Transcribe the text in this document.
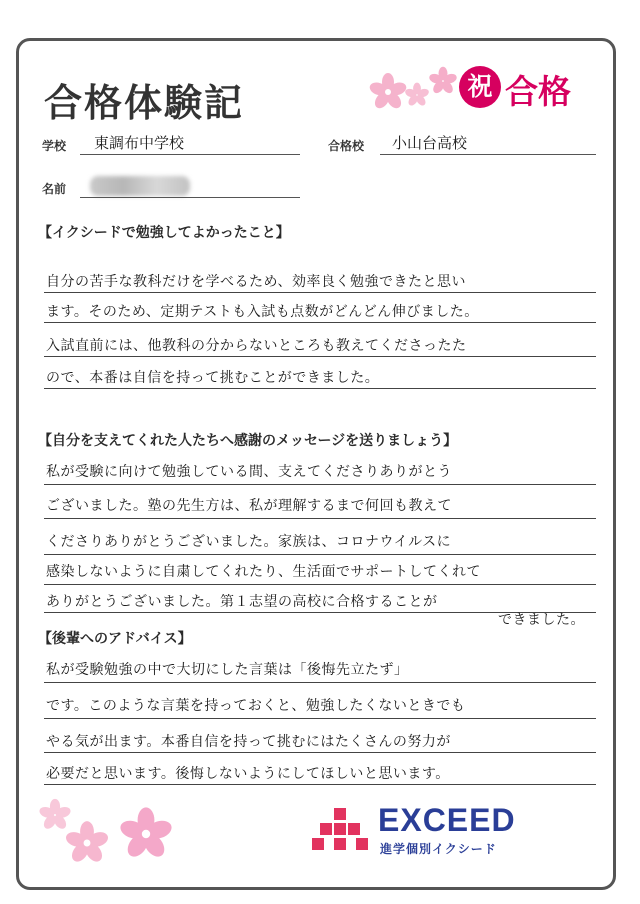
合格体験記	祝 合格
学校 東調布中学校	合格校 小山台高校
名前
【イクシードで勉強してよかったこと】
自分の苦手な教科だけを学べるため、効率良く勉強できたと思い
ます。そのため、定期テストも入試も点数がどんどん伸びました。
入試直前には、他教科の分からないところも教えてくださったた
ので、本番は自信を持って挑むことができました。
【自分を支えてくれた人たちへ感謝のメッセージを送りましょう】
私が受験に向けて勉強している間、支えてくださりありがとう
ございました。塾の先生方は、私が理解するまで何回も教えて
くださりありがとうございました。家族は、コロナウイルスに
感染しないように自粛してくれたり、生活面でサポートしてくれて
ありがとうございました。第１志望の高校に合格することが
できました。
【後輩へのアドバイス】
私が受験勉強の中で大切にした言葉は「後悔先立たず」
です。このような言葉を持っておくと、勉強したくないときでも
やる気が出ます。本番自信を持って挑むにはたくさんの努力が
必要だと思います。後悔しないようにしてほしいと思います。
EXCEED
進学個別イクシード
